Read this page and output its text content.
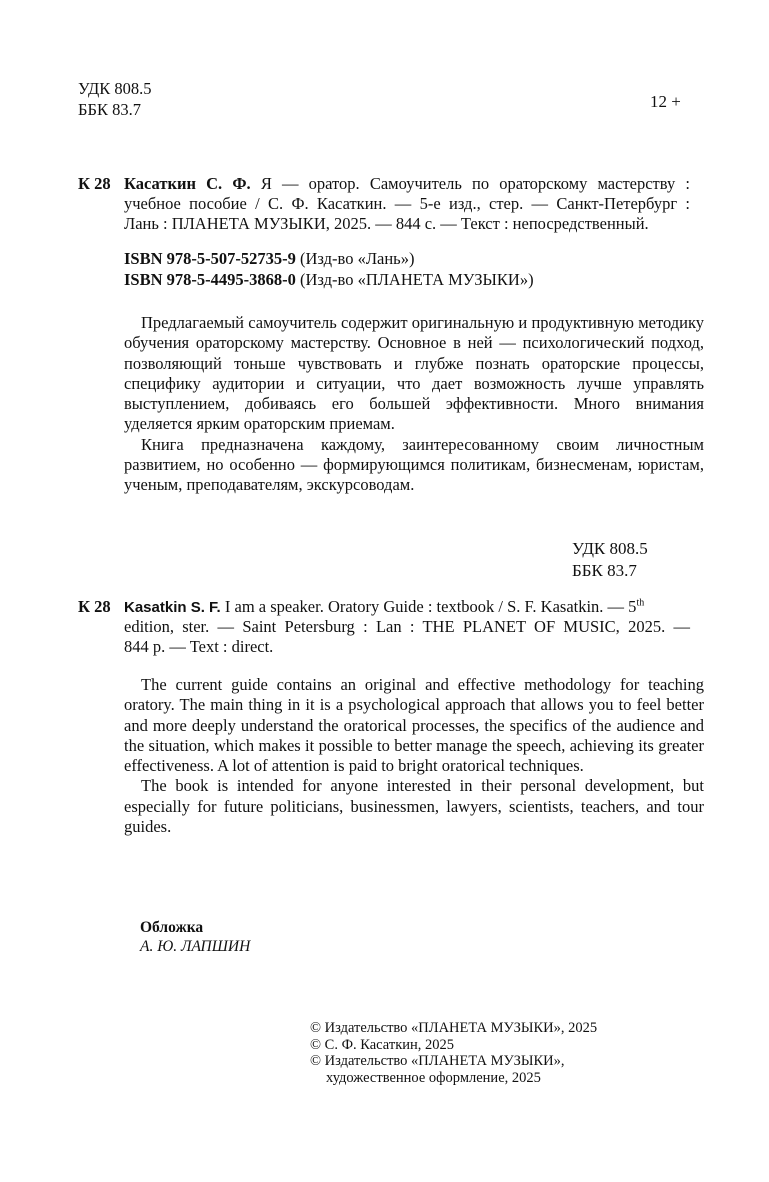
УДК 808.5
ББК 83.7	12 +
К 28 Касаткин С. Ф. Я — оратор. Самоучитель по ораторскому мастерству :
учебное пособие / С. Ф. Касаткин. — 5-е изд., стер. — Санкт-Петербург :
Лань : ПЛАНЕТА МУЗЫКИ, 2025. — 844 с. — Текст : непосредственный.
ISBN 978-5-507-52735-9 (Изд-во «Лань»)
ISBN 978-5-4495-3868-0 (Изд-во «ПЛАНЕТА МУЗЫКИ»)

Предлагаемый самоучитель содержит оригинальную и продуктивную методику обучения ораторскому мастерству. Основное в ней — психологический подход, позволяющий тоньше чувствовать и глубже познать ораторские процессы, специфику аудитории и ситуации, что дает возможность лучше управлять выступлением, добиваясь его большей эффективности. Много внимания уделяется ярким ораторским приемам.

Книга предназначена каждому, заинтересованному своим личностным развитием, но особенно — формирующимся политикам, бизнесменам, юристам, ученым, преподавателям, экскурсоводам.

УДК 808.5
ББК 83.7
К 28 Kasatkin S. F. I am a speaker. Oratory Guide : textbook / S. F. Kasatkin. — 5th
edition, ster. — Saint Petersburg : Lan : THE PLANET OF MUSIC, 2025. —
844 p. — Text : direct.

The current guide contains an original and effective methodology for teaching oratory. The main thing in it is a psychological approach that allows you to feel better and more deeply understand the oratorical processes, the specifics of the audience and the situation, which makes it possible to better manage the speech, achieving its greater effectiveness. A lot of attention is paid to bright oratorical techniques.

The book is intended for anyone interested in their personal development, but especially for future politicians, businessmen, lawyers, scientists, teachers, and tour guides.

Обложка
А. Ю. ЛАПШИН
© Издательство «ПЛАНЕТА МУЗЫКИ», 2025
© С. Ф. Касаткин, 2025
© Издательство «ПЛАНЕТА МУЗЫКИ»,
художественное оформление, 2025
